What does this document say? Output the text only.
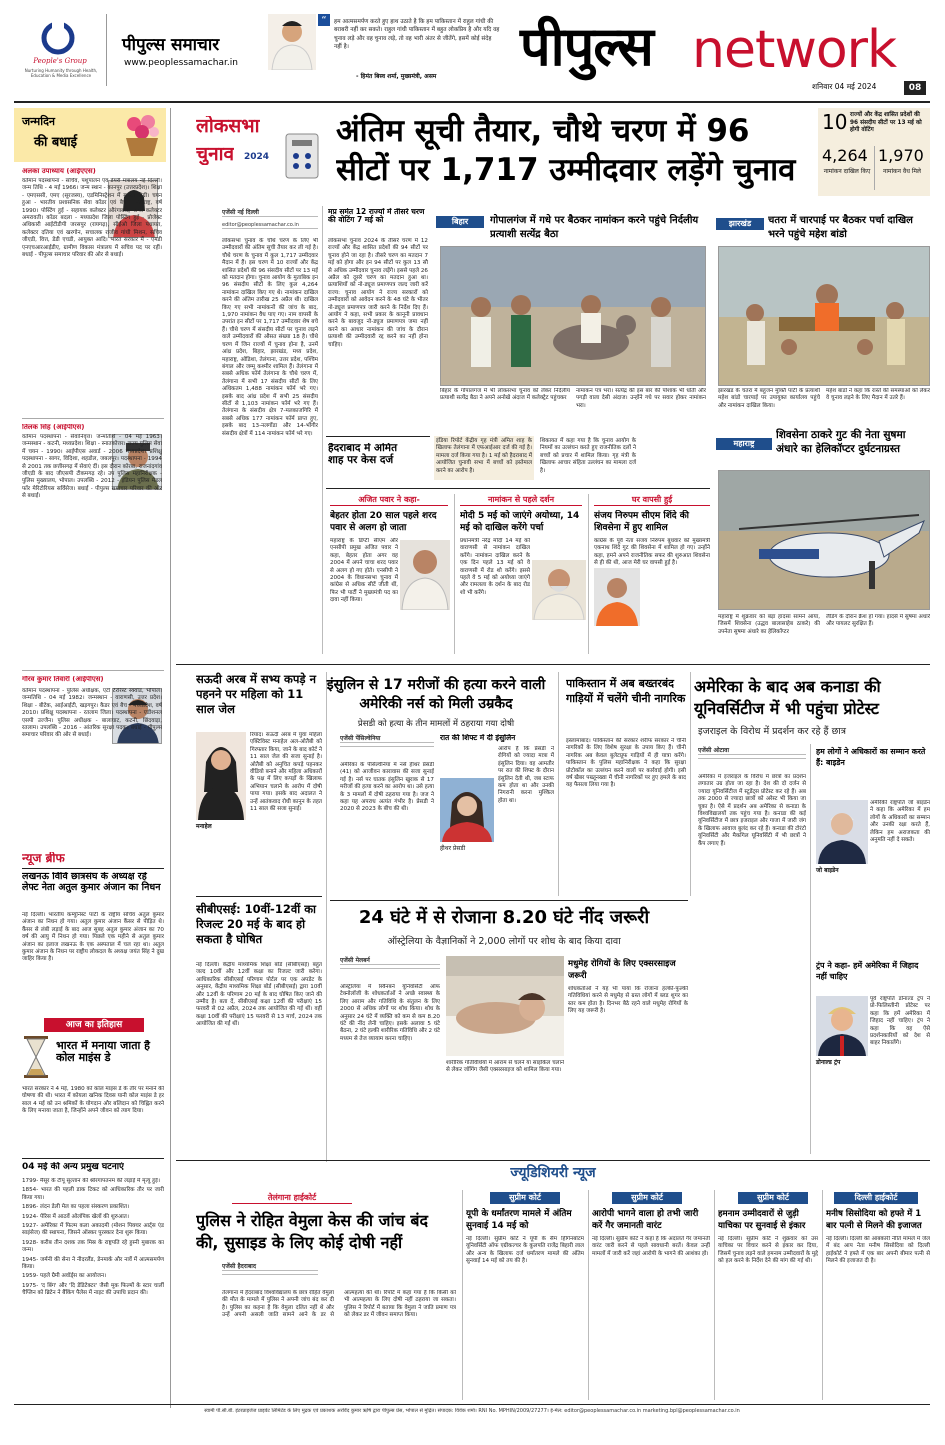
People's Group
Nurturing Humanity through Health, Education & Media Excellence
पीपुल्स समाचार
www.peoplessamachar.in
“	हम आत्मसमर्पण करते हुए हाथ उठाते है कि हम पाकिस्तान में राहुल गांधी की बराबरी नहीं कर सकते। राहुल गांधी पाकिस्तान में बहुत लोकप्रिय है और यदि वह चुनाव लड़े और वह चुनाव लड़े, तो वह भारी अंतर से जीतेंगे, इसमें कोई संदेह नहीं है।
- हिमंत बिस्व शर्मा, मुख्यमंत्री, असम पीपुल्स network
शनिवार 04 मई 2024	08
जन्मदिन
की बधाई
अलका उपाध्याय (आईएएस)
वर्तमान पदस्थापना - सचिव, पशुपालन एवं डेयरी मंत्रालय नई दिल्ली। जन्म तिथि - 4 मई 1966। जन्म स्थान - कानपुर (उत्तरप्रदेश)। शिक्षा - एमएससी, एमए (सूरजस्य), एडमिनिस्ट्रेशन में मास्टर डिग्री। चयन हुआ - भारतीय प्रशासनिक सेवा कॉडर एवं बैच - महाराष्ट्र, वर्ष 1990। पोस्टिंग हुई - सहायक कलेक्टर औरंगाबाद, अपर कलेक्टर अमरावती। कॉडर बदला - मध्यप्रदेश जिला पोस्टिंग हुई - प्रोजेक्ट अधिकारी आईटीडीपी जरसपुर (रायगढ़), सीईओ जिला पंचायत, कलेक्टर दतिया एवं खरगोन, सचालक राजीव गांधी मिशन, सचिव जीएडी, वित्त, डेडी एचडी, आयुक्त आदि। भारत सरकार में - एमडी एनएचआरआईडीए, ग्रामीण विकास मंत्रालय में सचिव पद पर रहीं। बधाई - पीपुल्स समाचार परिवार की ओर से बधाई।
तिलक सिंह (आईपीएस)
वर्तमान पदस्थापना - सेवानिवृत्त। जन्मतिथि - 04 मई 1963। जन्मस्थान - कटनी, मध्यप्रदेश। शिक्षा - स्नातकोत्तर। राज्य पुलिस सेवा में चयन - 1990। आईपीएस अवार्ड - 2006 मध्यप्रदेश। प्रशिक्षु पदस्थापना - सागर, विदिशा, शहडोल, जबलपुर। पदस्थापना - 1994 से 2001 तक छत्तीसगढ़ में सेवाएं दीं। इस दौरान कोरबा, राजनांदगांव जीएडी के बाद जीएसपी टीकमगढ़ रहे। उप पुलिस महानिरीक्षक - पुलिस मुख्यालय, भोपाल। उपलब्धि - 2012 - इंडियन पुलिस मेडल फॉर मेरिटोरियस सर्विसेज। बधाई - पीपुल्स समाचार परिवार की ओर से बधाई।
गौरव कुमार तिवारी (आईपीएस)
वर्तमान पदस्थापना - पुलिस अधीक्षक, एंटी टेररिस्ट स्क्वॉड, भोपाल। जन्मतिथि - 04 मई 1982। जन्मस्थान - वाराणसी, उत्तर प्रदेश। शिक्षा - बीटेक, आईआईटी, खड़गपुर। कैडर एवं बैच - मध्यप्रदेश, वर्ष 2010। प्रशिक्षु पदस्थापना - रतलाम जिला। पदस्थापना - एडीशनल एसपी उज्जैन। पुलिस अधीक्षक - बालाघाट, कटनी, छिंदवाड़ा, रतलाम। उपलब्धि - 2016 - आंतरिक सुरक्षा पदक। बधाई - पीपुल्स समाचार परिवार की ओर से बधाई।
न्यूज ब्रीफ
लखनऊ विवि छात्रसंघ के अध्यक्ष रहे लेफ्ट नेता अतुल कुमार अंजान का निधन
नई दिल्ली। भारतीय कम्युनिस्ट पार्टी के राष्ट्रीय सचिव अतुल कुमार अंजान का निधन हो गया। अतुल कुमार अंजान कैंसर से पीड़ित थे। कैंसर से लंबी लड़ाई के बाद आज सुबह अतुल कुमार अंजान का 70 वर्ष की आयु में निधन हो गया। पिछले एक महीने से अतुल कुमार अंजान का इलाज लखनऊ के एक अस्पताल में चल रहा था। अतुल कुमार अंजान के निधन पर राष्ट्रीय लोकदल के अध्यक्ष जयंत सिंह ने दुख जाहिर किया है।
आज का इतिहास
भारत में मनाया जाता है कोल माइंस डे
भारत सरकार ने 4 मई, 1980 को कोल माइंस डे के तौर पर मनाने की घोषणा की थी। भारत में कोयला खनिक दिवस यानी कोल माइंस डे हर साल 4 मई को उन श्रमिकों के योगदान और बलिदान को चिह्नित करने के लिए मनाया जाता है, जिन्होंने अपने जीवन को त्याग दिया।
04 मई की अन्य प्रमुख घटनाएं
1799- मैसूर के टीपू सुल्तान की श्रीरंगापतनम की लड़ाई में मृत्यु हुई।
1854- भारत की पहली डाक टिकट को आधिकारिक तौर पर जारी किया गया।
1896- लंदन डेली मेल का पहला संस्करण प्रकाशित।
1924- पेरिस में आठवें ओलंपिक खेलों की शुरुआत।
1927- अमेरिका में फिल्म कला अकादमी (मोशन पिक्चर आर्ट्स एंड साइंसेज) की स्थापना, जिसने ऑस्कर पुरस्कार देना शुरू किया।
1928- करीब तीन दशक तक मिस्र के राष्ट्रपति रहे हुस्नी मुबारक का जन्म।
1945- जर्मनी की सेना ने नीदरलैंड, डेनमार्क और नार्वे में आत्मसमर्पण किया।
1959- पहले ग्रैमी अवॉर्ड्स का आयोजन।
1975- 'द बिंग' और 'दि डेडिटेक्टर' जैसी मूक फिल्मों के स्टार चार्ली चैप्लिन को ब्रिटेन ने बैंकिंग पैलेस में नाइट की उपाधि प्रदान की।
लोकसभा
चुनाव 2024
अंतिम सूची तैयार, चौथे चरण में 96 सीटों पर 1,717 उम्मीदवार लड़ेंगे चुनाव
10 राज्यों और केंद्र शासित प्रदेशों की 96 संसदीय सीटों पर 13 मई को होगी वोटिंग
4,264
नामांकन दाखिल किए
1,970
नामांकन वैध मिले
एजेंसी नई दिल्ली
editor@peoplessamachar.co.in
लोकसभा चुनाव के चौथे चरण के लिए भी उम्मीदवारों की अंतिम सूची तैयार कर ली गई है। चौथे चरण के चुनाव में कुल 1,717 उम्मीदवार मैदान में हैं। इस चरण में 10 राज्यों और केंद्र शासित प्रदेशों की 96 संसदीय सीटों पर 13 मई को मतदान होगा। चुनाव आयोग के मुताबिक इन 96 संसदीय सीटों के लिए कुल 4,264 नामांकन दाखिल किए गए थे। नामांकन दाखिल करने की अंतिम तारीख 25 अप्रैल थी। दाखिल किए गए सभी नामांकनों की जांच के बाद, 1,970 नामांकन वैध पाए गए। नाम वापसी के उपरांत इन सीटों पर 1,717 उम्मीदवार शेष बचे हैं। चौथे चरण में संसदीय सीटों पर चुनाव लड़ने वाले उम्मीदवारों की औसत संख्या 18 है। चौथे चरण में जिन राज्यों में चुनाव होना है, उनमें आंध्र प्रदेश, बिहार, झारखंड, मध्य प्रदेश, महाराष्ट्र, ओडिशा, तेलंगाना, उत्तर प्रदेश, पश्चिम बंगाल और जम्मू कश्मीर शामिल हैं। तेलंगाना में सबसे अधिक फॉर्म तेलंगाना के चौथे चरण में, तेलंगाना में सभी 17 संसदीय सीटों के लिए अधिकतम 1,488 नामांकन फॉर्म भरे गए। इसके बाद आंध्र प्रदेश में सभी 25 संसदीय सीटों से 1,103 नामांकन फॉर्म भरे गए हैं। तेलंगाना के संसदीय क्षेत्र 7-मलकाजगिरि में सबसे अधिक 177 नामांकन फॉर्म प्राप्त हुए, इसके बाद 13-नलगोंडा और 14-भोंगीर संसदीय क्षेत्रों में 114 नामांकन फॉर्म भरे गए।
मप्र समेत 12 राज्यों में तीसरे चरण की वोटिंग 7 मई को
लोकसभा चुनाव 2024 के तीसरे चरण में 12 राज्यों और केंद्र शासित प्रदेशों की 94 सीटों पर चुनाव होने जा रहा है। तीसरे चरण का मतदान 7 मई को होगा और इन 94 सीटों पर कुल 13 सौ से अधिक उम्मीदवार चुनाव लड़ेंगे। इससे पहले 26 अप्रैल को दूसरे चरण का मतदान हुआ था। प्रत्याशियों को नो-ड्यूज प्रमाणपत्र जल्द जारी करें राज्य: चुनाव आयोग ने राज्य सरकारों को उम्मीदवारों को आवेदन करने के 48 घंटे के भीतर नो-ड्यूज प्रमाणपत्र जारी करने के निर्देश दिए हैं। आयोग ने कहा, सभी प्रकार के कानूनी प्रावधान करने के बावजूद नो-ड्यूज प्रमाणपत्र जमा नहीं करने का आधार नामांकन की जांच के दौरान प्रत्याशी की उम्मीदवारी रद्द करने का नहीं होना चाहिए।
हैदराबाद में अमित शाह पर केस दर्ज
इंडिया रिपोर्ट केंद्रीय गृह मंत्री अमित शाह के खिलाफ तेलंगाना में एफआईआर दर्ज की गई है। मामला दर्ज किया गया है। 1 मई को हैदराबाद में आयोजित चुनावी सभा में बच्चों को इस्तेमाल करने का आरोप है।
शिकायत में कहा गया है कि चुनाव आयोग के नियमों का उल्लंघन करते हुए राजनीतिक दलों ने बच्चों को प्रचार में शामिल किया। गृह मंत्री के खिलाफ आचार संहिता उल्लंघन का मामला दर्ज है।
बिहार	गोपालगंज में गधे पर बैठकर नामांकन करने पहुंचे निर्दलीय प्रत्याशी सत्येंद्र बैठा
बिहार के गोपालगंज में भी लोकसभा चुनाव को लेकर निर्दलीय प्रत्याशी सत्येंद्र बैठा ने अपने अनोखे अंदाज में कलेक्ट्रेट पहुंचकर
नामांकन पत्र भरा। सत्येंद्र की इस बार की पोशाक भी धोती और पगड़ी वाला देसी अंदाज। उन्होंने गधे पर सवार होकर नामांकन भरा।
झारखंड	चतरा में चारपाई पर बैठकर पर्चा दाखिल भरने पहुंचे महेश बांडो
झारखंड के चतरा में बहुजन मुक्ति पार्टी के प्रत्याशी महेश बांडो चारपाई पर उपायुक्त कार्यालय पहुंचे और नामांकन दाखिल किया।
महेश बांडो ने कहा कि रास्ते की समस्याओं को लेकर वे चुनाव लड़ने के लिए मैदान में उतरे हैं।
अजित पवार ने कहा-
बेहतर होता 20 साल पहले शरद पवार से अलग हो जाता
महाराष्ट्र के डिप्टी सीएम और एनसीपी प्रमुख अजित पवार ने कहा, बेहतर होता अगर वह 2004 में अपने चाचा शरद पवार से अलग हो गए होते। एनसीपी ने 2004 के विधानसभा चुनाव में कांग्रेस से अधिक सीटें जीती थीं, फिर भी पार्टी ने मुख्यमंत्री पद का दावा नहीं किया।
नामांकन से पहले दर्शन
मोदी 5 मई को जाएंगे अयोध्या, 14 मई को दाखिल करेंगे पर्चा
प्रधानमंत्री नरेंद्र मोदी 14 मई को वाराणसी से नामांकन दाखिल करेंगे। नामांकन दाखिल करने के एक दिन पहले 13 मई को वे वाराणसी में रोड शो करेंगे। इससे पहले वे 5 मई को अयोध्या जाएंगे और रामलला के दर्शन के बाद रोड शो भी करेंगे।
घर वापसी हुई
संजय निरुपम सीएम शिंदे की शिवसेना में हुए शामिल
कांग्रेस के पूर्व नेता संजय निरुपम बुधवार को मुख्यमंत्री एकनाथ शिंदे गुट की शिवसेना में शामिल हो गए। उन्होंने कहा, हमने अपने राजनीतिक सफर की शुरुआत शिवसेना से ही की थी, आज मेरी घर वापसी हुई है।
महाराष्ट्र
शिवसेना ठाकरे गुट की नेता सुषमा अंधारे का हेलिकॉप्टर दुर्घटनाग्रस्त
महाराष्ट्र में शुक्रवार को बड़ा हादसा सामने आया, जिसमें शिवसेना (उद्धव बालासाहेब ठाकरे) की उपनेता सुषमा अंधारे का हेलिकॉप्टर
लैंडिंग के दौरान क्रैश हो गया। हादसे में सुषमा अंधारे और पायलट सुरक्षित हैं।
सऊदी अरब में सभ्य कपड़े न पहनने पर महिला को 11 साल जेल
मनाहेल
रियाद। सऊदी अरब में युवा महिला एक्टिविस्ट मनाहेल अल-ओतैबी को गिरफ्तार किया, जाने के बाद कोर्ट ने 11 साल जेल की सजा सुनाई है। ओतैबी को अनुचित कपड़े पहनकर वीडियो बनाने और महिला अधिकारों के पक्ष में लिए कपड़ों के खिलाफ अभियान चलाने के आरोप में दोषी पाया गया। इसके बाद अदालत ने उन्हें आतंकवाद रोधी कानून के तहत 11 साल की सजा सुनाई।
सीबीएसई: 10वीं-12वीं का रिजल्ट 20 मई के बाद हो सकता है घोषित
नई दिल्ली। केंद्रीय माध्यमिक शिक्षा बोर्ड (सीबीएसई) बहुत जल्द 10वीं और 12वीं कक्षा का रिजल्ट जारी करेगा। आधिकारिक सीबीएसई परिणाम पोर्टल पर एक अपडेट के अनुसार, केंद्रीय माध्यमिक शिक्षा बोर्ड (सीबीएसई) द्वारा 10वीं और 12वीं के परिणाम 20 मई के बाद घोषित किए जाने की उम्मीद है। बता दें, सीबीएसई कक्षा 12वीं की परीक्षाएं 15 फरवरी से 02 अप्रैल, 2024 तक आयोजित की गई थीं। वहीं कक्षा 10वीं की परीक्षाएं 15 फरवरी से 13 मार्च, 2024 तक आयोजित की गईं थीं।
इंसुलिन से 17 मरीजों की हत्या करने वाली अमेरिकी नर्स को मिली उम्रकैद
प्रेसडी को हत्या के तीन मामलों में ठहराया गया दोषी
एजेंसी पेंसिल्वेनिया
अमेरिका के पेंसिल्वेनिया में नर्स हीथर प्रेसडी (41) को आजीवन कारावास की सजा सुनाई गई है। नर्स पर घातक इंसुलिन खुराक से 17 मरीजों की हत्या करने का आरोप था। उसे हत्या के 3 मामलों में दोषी ठहराया गया है। जज ने कहा यह अपराध अत्यंत गंभीर है। प्रेसडी ने 2020 से 2023 के बीच की थी।
रात की शिफ्ट में दी इंसुलिन
आरोप है कि प्रेसडी ने रोगियों को ज्यादा मात्रा में इंसुलिन दिया। वह आमतौर पर रात की शिफ्ट के दौरान इंसुलिन देती थी, जब स्टाफ कम होता था और उनकी निगरानी करना मुश्किल होता था।
हीथर प्रेसडी
पाकिस्तान में अब बख्तरबंद गाड़ियों में चलेंगे चीनी नागरिक
इस्लामाबाद। पाकिस्तान की सरकार शरीफ सरकार ने चीनी नागरिकों के लिए विशेष सुरक्षा के उपाय किए हैं। चीनी नागरिक अब केवल बुलेटप्रूफ गाड़ियों में ही यात्रा करेंगे। पाकिस्तान के पुलिस महानिरीक्षक ने कहा कि सुरक्षा प्रोटोकॉल का उल्लंघन करने वालों पर कार्रवाई होगी। इसी वर्ष खैबर पख्तूनख्वा में चीनी नागरिकों पर हुए हमले के बाद यह फैसला लिया गया है।
24 घंटे में से रोजाना 8.20 घंटे नींद जरूरी
ऑस्ट्रेलिया के वैज्ञानिकों ने 2,000 लोगों पर शोध के बाद किया दावा
एजेंसी मेलबर्न
शारीरिक गतिविधियों में आराम से चलने या साइकिल चलाने से लेकर जॉगिंग जैसी एक्सरसाइज को शामिल किया गया।
ऑस्ट्रेलिया में स्विनबर्न यूनिवर्सिटी ऑफ टेक्नोलॉजी के शोधकर्ताओं ने अच्छे स्वास्थ्य के लिए आराम और गतिविधि के संतुलन के लिए 2000 से अधिक लोगों पर शोध किया। शोध के अनुसार 24 घंटे में व्यक्ति को कम से कम 8.20 घंटे की नींद लेनी चाहिए। इसके अलावा 5 घंटे बैठना, 2 घंटे हल्की शारीरिक गतिविधि और 2 घंटे मध्यम से तेज व्यायाम करना चाहिए।
मधुमेह रोगियों के लिए एक्सरसाइज जरूरी
शोधकर्ताओं ने यह भी पाया कि रोजाना हल्की-फुल्की गतिविधियां करने से मधुमेह से ग्रस्त लोगों में ब्लड शुगर का स्तर कम होता है। दिनभर बैठे रहने वाले मधुमेह रोगियों के लिए यह जरूरी है।
अमेरिका के बाद अब कनाडा की यूनिवर्सिटीज में भी पहुंचा प्रोटेस्ट
इजराइल के विरोध में प्रदर्शन कर रहे हैं छात्र
एजेंसी ओटावा
अमेरिका में इजराइल के विरोध में छात्रों का प्रदर्शन लगातार उग्र होता जा रहा है। देश की दो दर्जन से ज्यादा यूनिवर्सिटीज में स्टूडेंट्स प्रोटेस्ट कर रहे हैं। अब तक 2000 से ज्यादा छात्रों को अरेस्ट भी किया जा चुका है। ऐसे में प्रदर्शन अब अमेरिका से कनाडा के विश्वविद्यालयों तक पहुंच गया है। कनाडा की कई यूनिवर्सिटीज में छात्र इजराइल और गाजा में जारी जंग के खिलाफ आवाज बुलंद कर रहे हैं। कनाडा की टोरंटो यूनिवर्सिटी और मैकगिल यूनिवर्सिटी में भी छात्रों ने कैंप लगाए हैं।
हम लोगों ने अधिकारों का सम्मान करते हैं: बाइडेन
जो बाइडेन
अमेरिकी राष्ट्रपति जो बाइडेन ने कहा कि अमेरिका में हम लोगों के अधिकारों का सम्मान और उनकी रक्षा करते हैं, लेकिन हम अराजकता की अनुमति नहीं दे सकते।
ट्रंप ने कहा- हमें अमेरिका में जिहाद नहीं चाहिए
डोनाल्ड ट्रंप
पूर्व राष्ट्रपति डोनाल्ड ट्रंप ने प्रो-फिलिस्तीनी प्रोटेस्ट पर कहा कि हमें अमेरिका में जिहाद नहीं चाहिए। ट्रंप ने कहा कि वह ऐसे प्रदर्शनकारियों को देश से बाहर निकालेंगे।
ज्यूडिशियरी न्यूज
तेलंगाना हाईकोर्ट
पुलिस ने रोहित वेमुला केस की जांच बंद की, सुसाइड के लिए कोई दोषी नहीं
एजेंसी हैदराबाद
तेलंगाना में हैदराबाद विश्वविद्यालय के छात्र रोहित वेमुला की मौत के मामले में पुलिस ने अपनी जांच बंद कर दी है। पुलिस का कहना है कि वेमुला दलित नहीं थे और उन्हें अपनी असली जाति सामने आने के डर से आत्महत्या की थी। रिपोर्ट में कहा गया है कि किसी को भी आत्महत्या के लिए दोषी नहीं ठहराया जा सकता। पुलिस ने रिपोर्ट में बताया कि वेमुला ने जाति प्रमाण पत्र को लेकर डर में जीवन समाप्त किया।
सुप्रीम कोर्ट
यूपी के धर्मांतरण मामले में अंतिम सुनवाई 14 मई को
नई दिल्ली। सुप्रीम कोर्ट ने यूपी के सैम हिगिनबॉटम यूनिवर्सिटी ऑफ एग्रीकल्चर के कुलपति राजेंद्र बिहारी लाल और अन्य के खिलाफ दर्ज धर्मांतरण मामले की अंतिम सुनवाई 14 मई को तय की है।
सुप्रीम कोर्ट
आरोपी भागने वाला हो तभी जारी करें गैर जमानती वारंट
नई दिल्ली। सुप्रीम कोर्ट ने कहा है कि अदालतें गैर जमानती वारंट जारी करने से पहले सावधानी बरतें। केवल उन्हीं मामलों में जारी करें जहां आरोपी के भागने की आशंका हो।
सुप्रीम कोर्ट
हमनाम उम्मीदवारों से जुड़ी याचिका पर सुनवाई से इंकार
नई दिल्ली। सुप्रीम कोर्ट ने शुक्रवार को उस याचिका पर विचार करने से इंकार कर दिया, जिसमें चुनाव लड़ने वाले हमनाम उम्मीदवारों के मुद्दे को हल करने के निर्देश देने की मांग की गई थी।
दिल्ली हाईकोर्ट
मनीष सिसोदिया को हफ्ते में 1 बार पत्नी से मिलने की इजाजत
नई दिल्ली। दिल्ली की आबकारी नीति मामले में जेल में बंद आप नेता मनीष सिसोदिया को दिल्ली हाईकोर्ट ने हफ्ते में एक बार अपनी बीमार पत्नी से मिलने की इजाजत दी है।
स्वामी पी.सी.बी. इंटरप्राइजेज प्राइवेट लिमिटेड के लिए मुद्रक एवं प्रकाशक अरविंद कुमार ऋषि द्वारा पीपुल्स प्रेस, भोपाल से मुद्रित। संपादक: विवेक शर्मा। RNI No. MPHIN/2009/27277। ई-मेल: editor@peoplessamachar.co.in marketing.bpl@peoplessamachar.co.in
